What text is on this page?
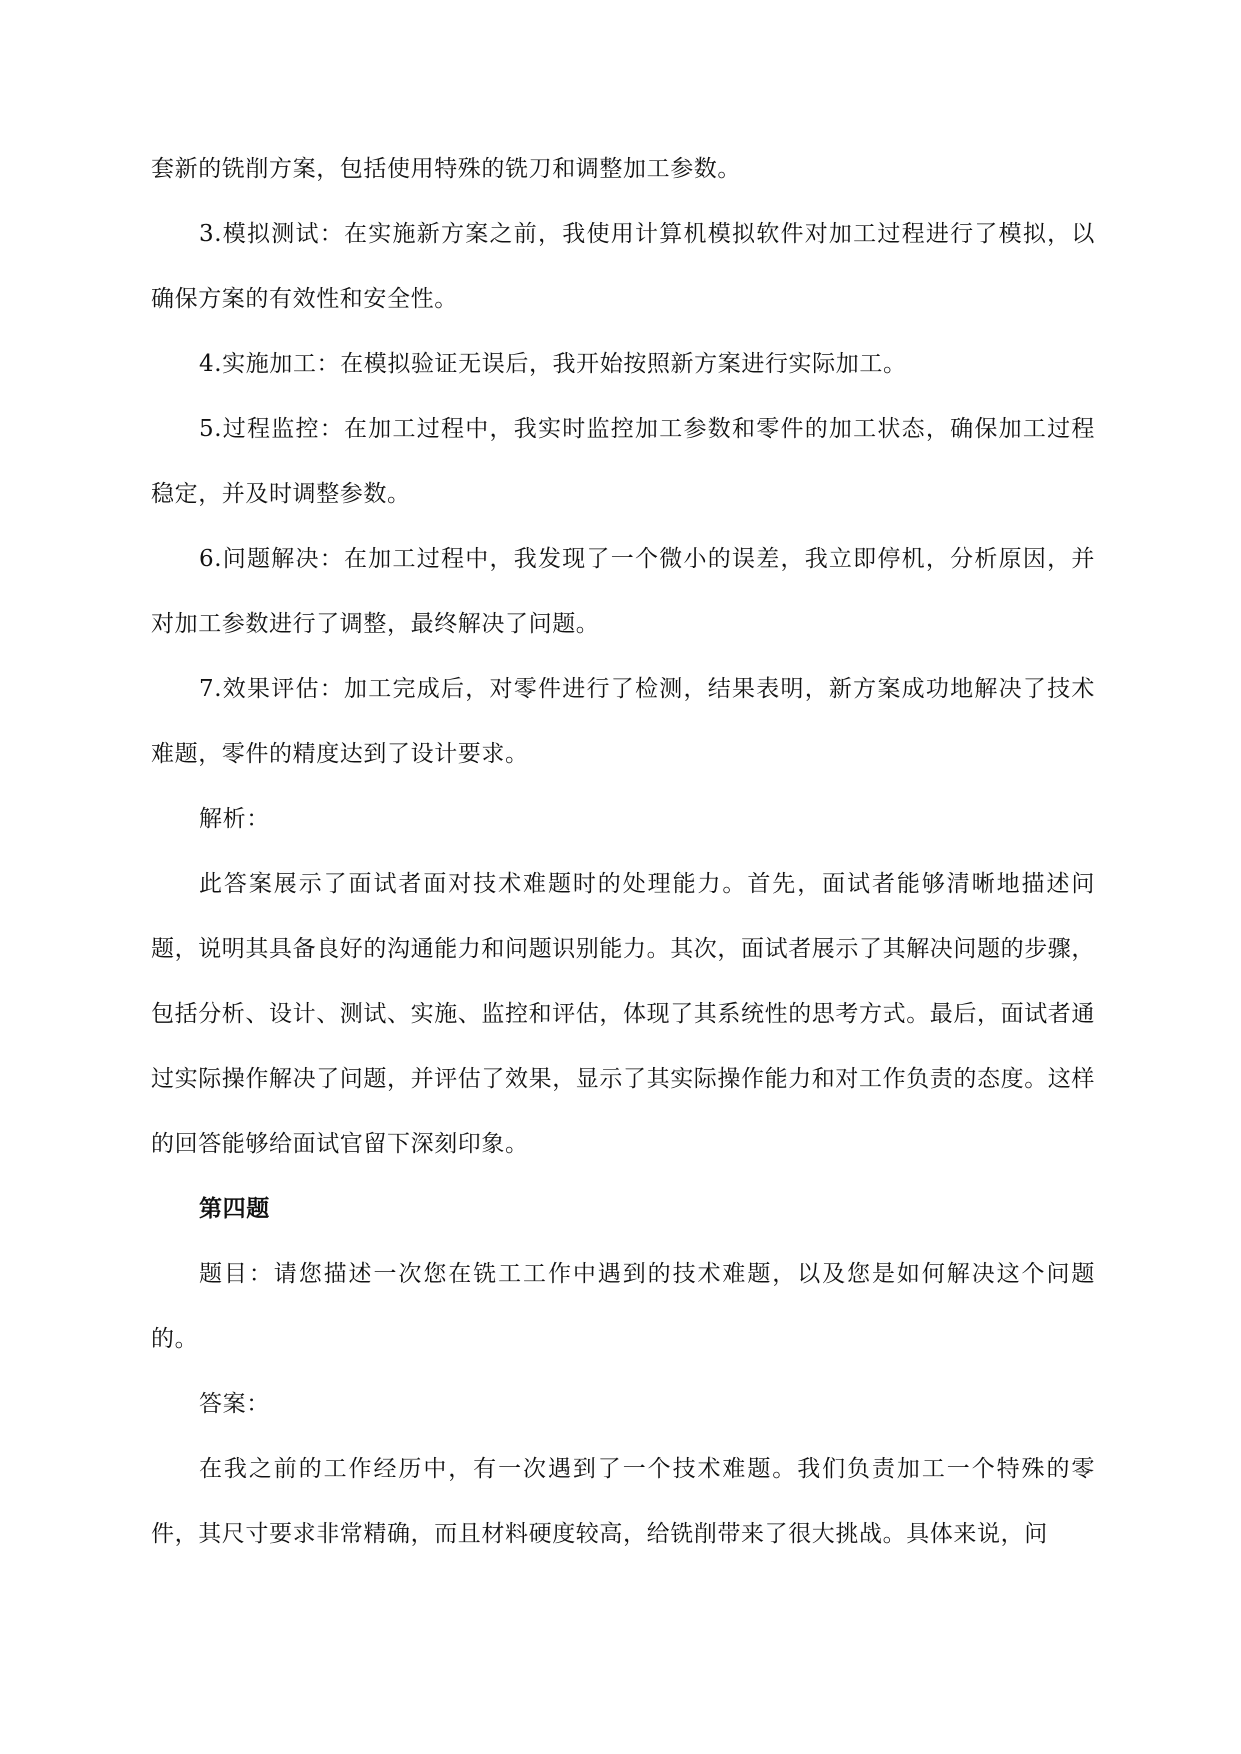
套新的铣削方案，包括使用特殊的铣刀和调整加工参数。

3.模拟测试：在实施新方案之前，我使用计算机模拟软件对加工过程进行了模拟，以确保方案的有效性和安全性。

4.实施加工：在模拟验证无误后，我开始按照新方案进行实际加工。

5.过程监控：在加工过程中，我实时监控加工参数和零件的加工状态，确保加工过程稳定，并及时调整参数。

6.问题解决：在加工过程中，我发现了一个微小的误差，我立即停机，分析原因，并对加工参数进行了调整，最终解决了问题。

7.效果评估：加工完成后，对零件进行了检测，结果表明，新方案成功地解决了技术难题，零件的精度达到了设计要求。

解析：

此答案展示了面试者面对技术难题时的处理能力。首先，面试者能够清晰地描述问题，说明其具备良好的沟通能力和问题识别能力。其次，面试者展示了其解决问题的步骤，包括分析、设计、测试、实施、监控和评估，体现了其系统性的思考方式。最后，面试者通过实际操作解决了问题，并评估了效果，显示了其实际操作能力和对工作负责的态度。这样的回答能够给面试官留下深刻印象。

第四题

题目：请您描述一次您在铣工工作中遇到的技术难题，以及您是如何解决这个问题的。

答案：

在我之前的工作经历中，有一次遇到了一个技术难题。我们负责加工一个特殊的零件，其尺寸要求非常精确，而且材料硬度较高，给铣削带来了很大挑战。具体来说，问
